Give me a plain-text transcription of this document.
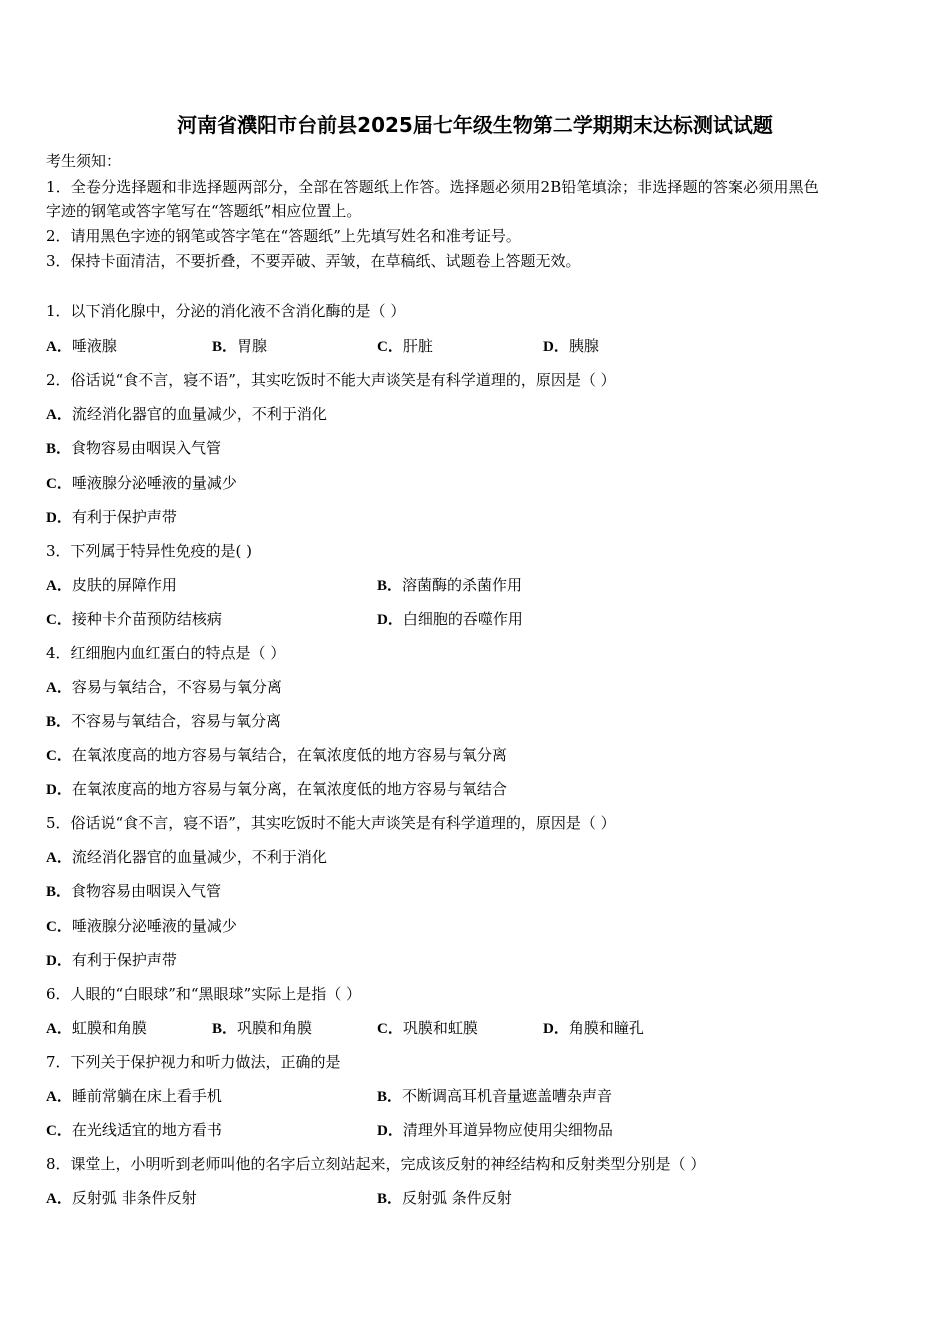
河南省濮阳市台前县2025届七年级生物第二学期期末达标测试试题
考生须知：
1．全卷分选择题和非选择题两部分，全部在答题纸上作答。选择题必须用2B铅笔填涂；非选择题的答案必须用黑色
字迹的钢笔或答字笔写在“答题纸”相应位置上。
2．请用黑色字迹的钢笔或答字笔在“答题纸”上先填写姓名和准考证号。
3．保持卡面清洁，不要折叠，不要弄破、弄皱，在草稿纸、试题卷上答题无效。
1．以下消化腺中，分泌的消化液不含消化酶的是（ ）
A．唾液腺	B．胃腺	C．肝脏	D．胰腺
2．俗话说“食不言，寝不语”，其实吃饭时不能大声谈笑是有科学道理的，原因是（ ）
A．流经消化器官的血量减少，不利于消化
B．食物容易由咽误入气管
C．唾液腺分泌唾液的量减少
D．有利于保护声带
3．下列属于特异性免疫的是( )
A．皮肤的屏障作用	B．溶菌酶的杀菌作用
C．接种卡介苗预防结核病	D．白细胞的吞噬作用
4．红细胞内血红蛋白的特点是（ ）
A．容易与氧结合，不容易与氧分离
B．不容易与氧结合，容易与氧分离
C．在氧浓度高的地方容易与氧结合，在氧浓度低的地方容易与氧分离
D．在氧浓度高的地方容易与氧分离，在氧浓度低的地方容易与氧结合
5．俗话说“食不言，寝不语”，其实吃饭时不能大声谈笑是有科学道理的，原因是（ ）
A．流经消化器官的血量减少，不利于消化
B．食物容易由咽误入气管
C．唾液腺分泌唾液的量减少
D．有利于保护声带
6．人眼的“白眼球”和“黑眼球”实际上是指（ ）
A．虹膜和角膜	B．巩膜和角膜	C．巩膜和虹膜	D．角膜和瞳孔
7．下列关于保护视力和听力做法，正确的是
A．睡前常躺在床上看手机	B．不断调高耳机音量遮盖嘈杂声音
C．在光线适宜的地方看书	D．清理外耳道异物应使用尖细物品
8．课堂上，小明听到老师叫他的名字后立刻站起来，完成该反射的神经结构和反射类型分别是（ ）
A．反射弧 非条件反射	B．反射弧 条件反射
